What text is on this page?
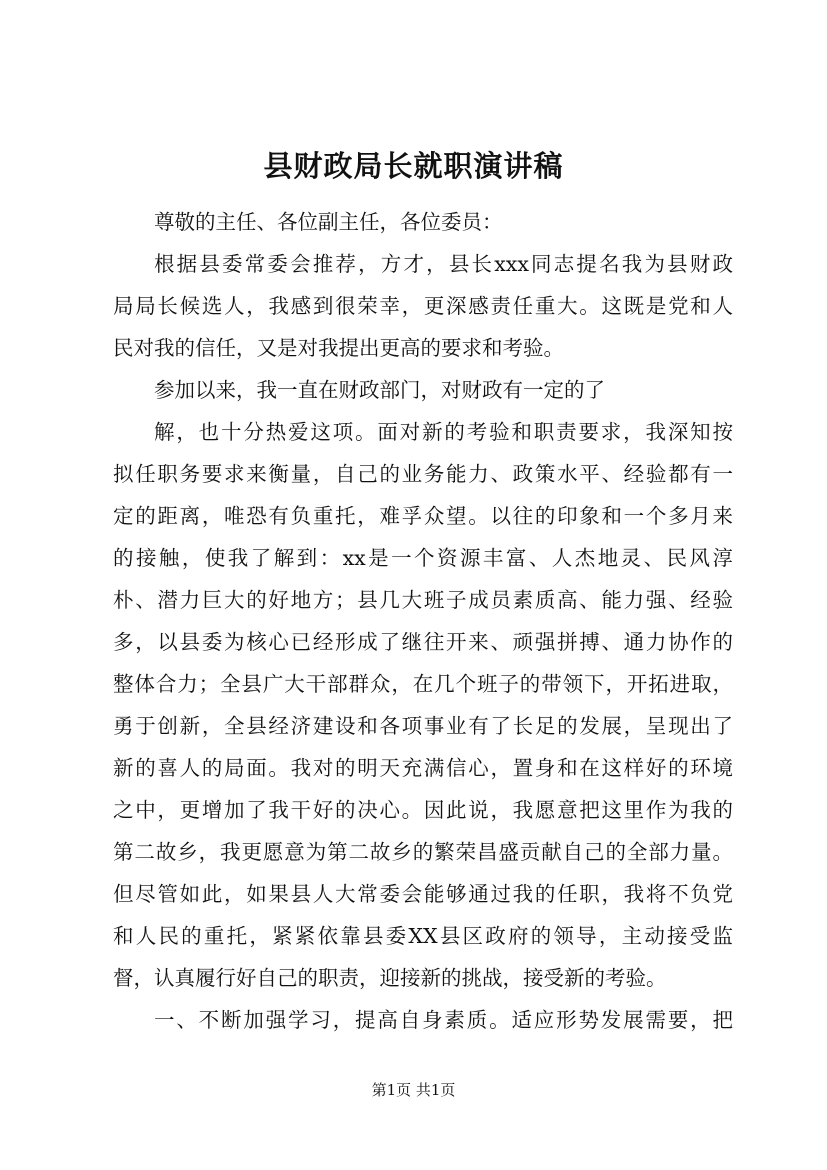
县财政局长就职演讲稿
尊敬的主任、各位副主任，各位委员：
根据县委常委会推荐，方才，县长xxx同志提名我为县财政
局局长候选人，我感到很荣幸，更深感责任重大。这既是党和人
民对我的信任，又是对我提出更高的要求和考验。
参加以来，我一直在财政部门，对财政有一定的了
解，也十分热爱这项。面对新的考验和职责要求，我深知按
拟任职务要求来衡量，自己的业务能力、政策水平、经验都有一
定的距离，唯恐有负重托，难孚众望。以往的印象和一个多月来
的接触，使我了解到：xx是一个资源丰富、人杰地灵、民风淳
朴、潜力巨大的好地方；县几大班子成员素质高、能力强、经验
多，以县委为核心已经形成了继往开来、顽强拼搏、通力协作的
整体合力；全县广大干部群众，在几个班子的带领下，开拓进取，
勇于创新，全县经济建设和各项事业有了长足的发展，呈现出了
新的喜人的局面。我对的明天充满信心，置身和在这样好的环境
之中，更增加了我干好的决心。因此说，我愿意把这里作为我的
第二故乡，我更愿意为第二故乡的繁荣昌盛贡献自己的全部力量。
但尽管如此，如果县人大常委会能够通过我的任职，我将不负党
和人民的重托，紧紧依靠县委XX县区政府的领导，主动接受监
督，认真履行好自己的职责，迎接新的挑战，接受新的考验。
一、不断加强学习，提高自身素质。适应形势发展需要，把
第1页 共1页
